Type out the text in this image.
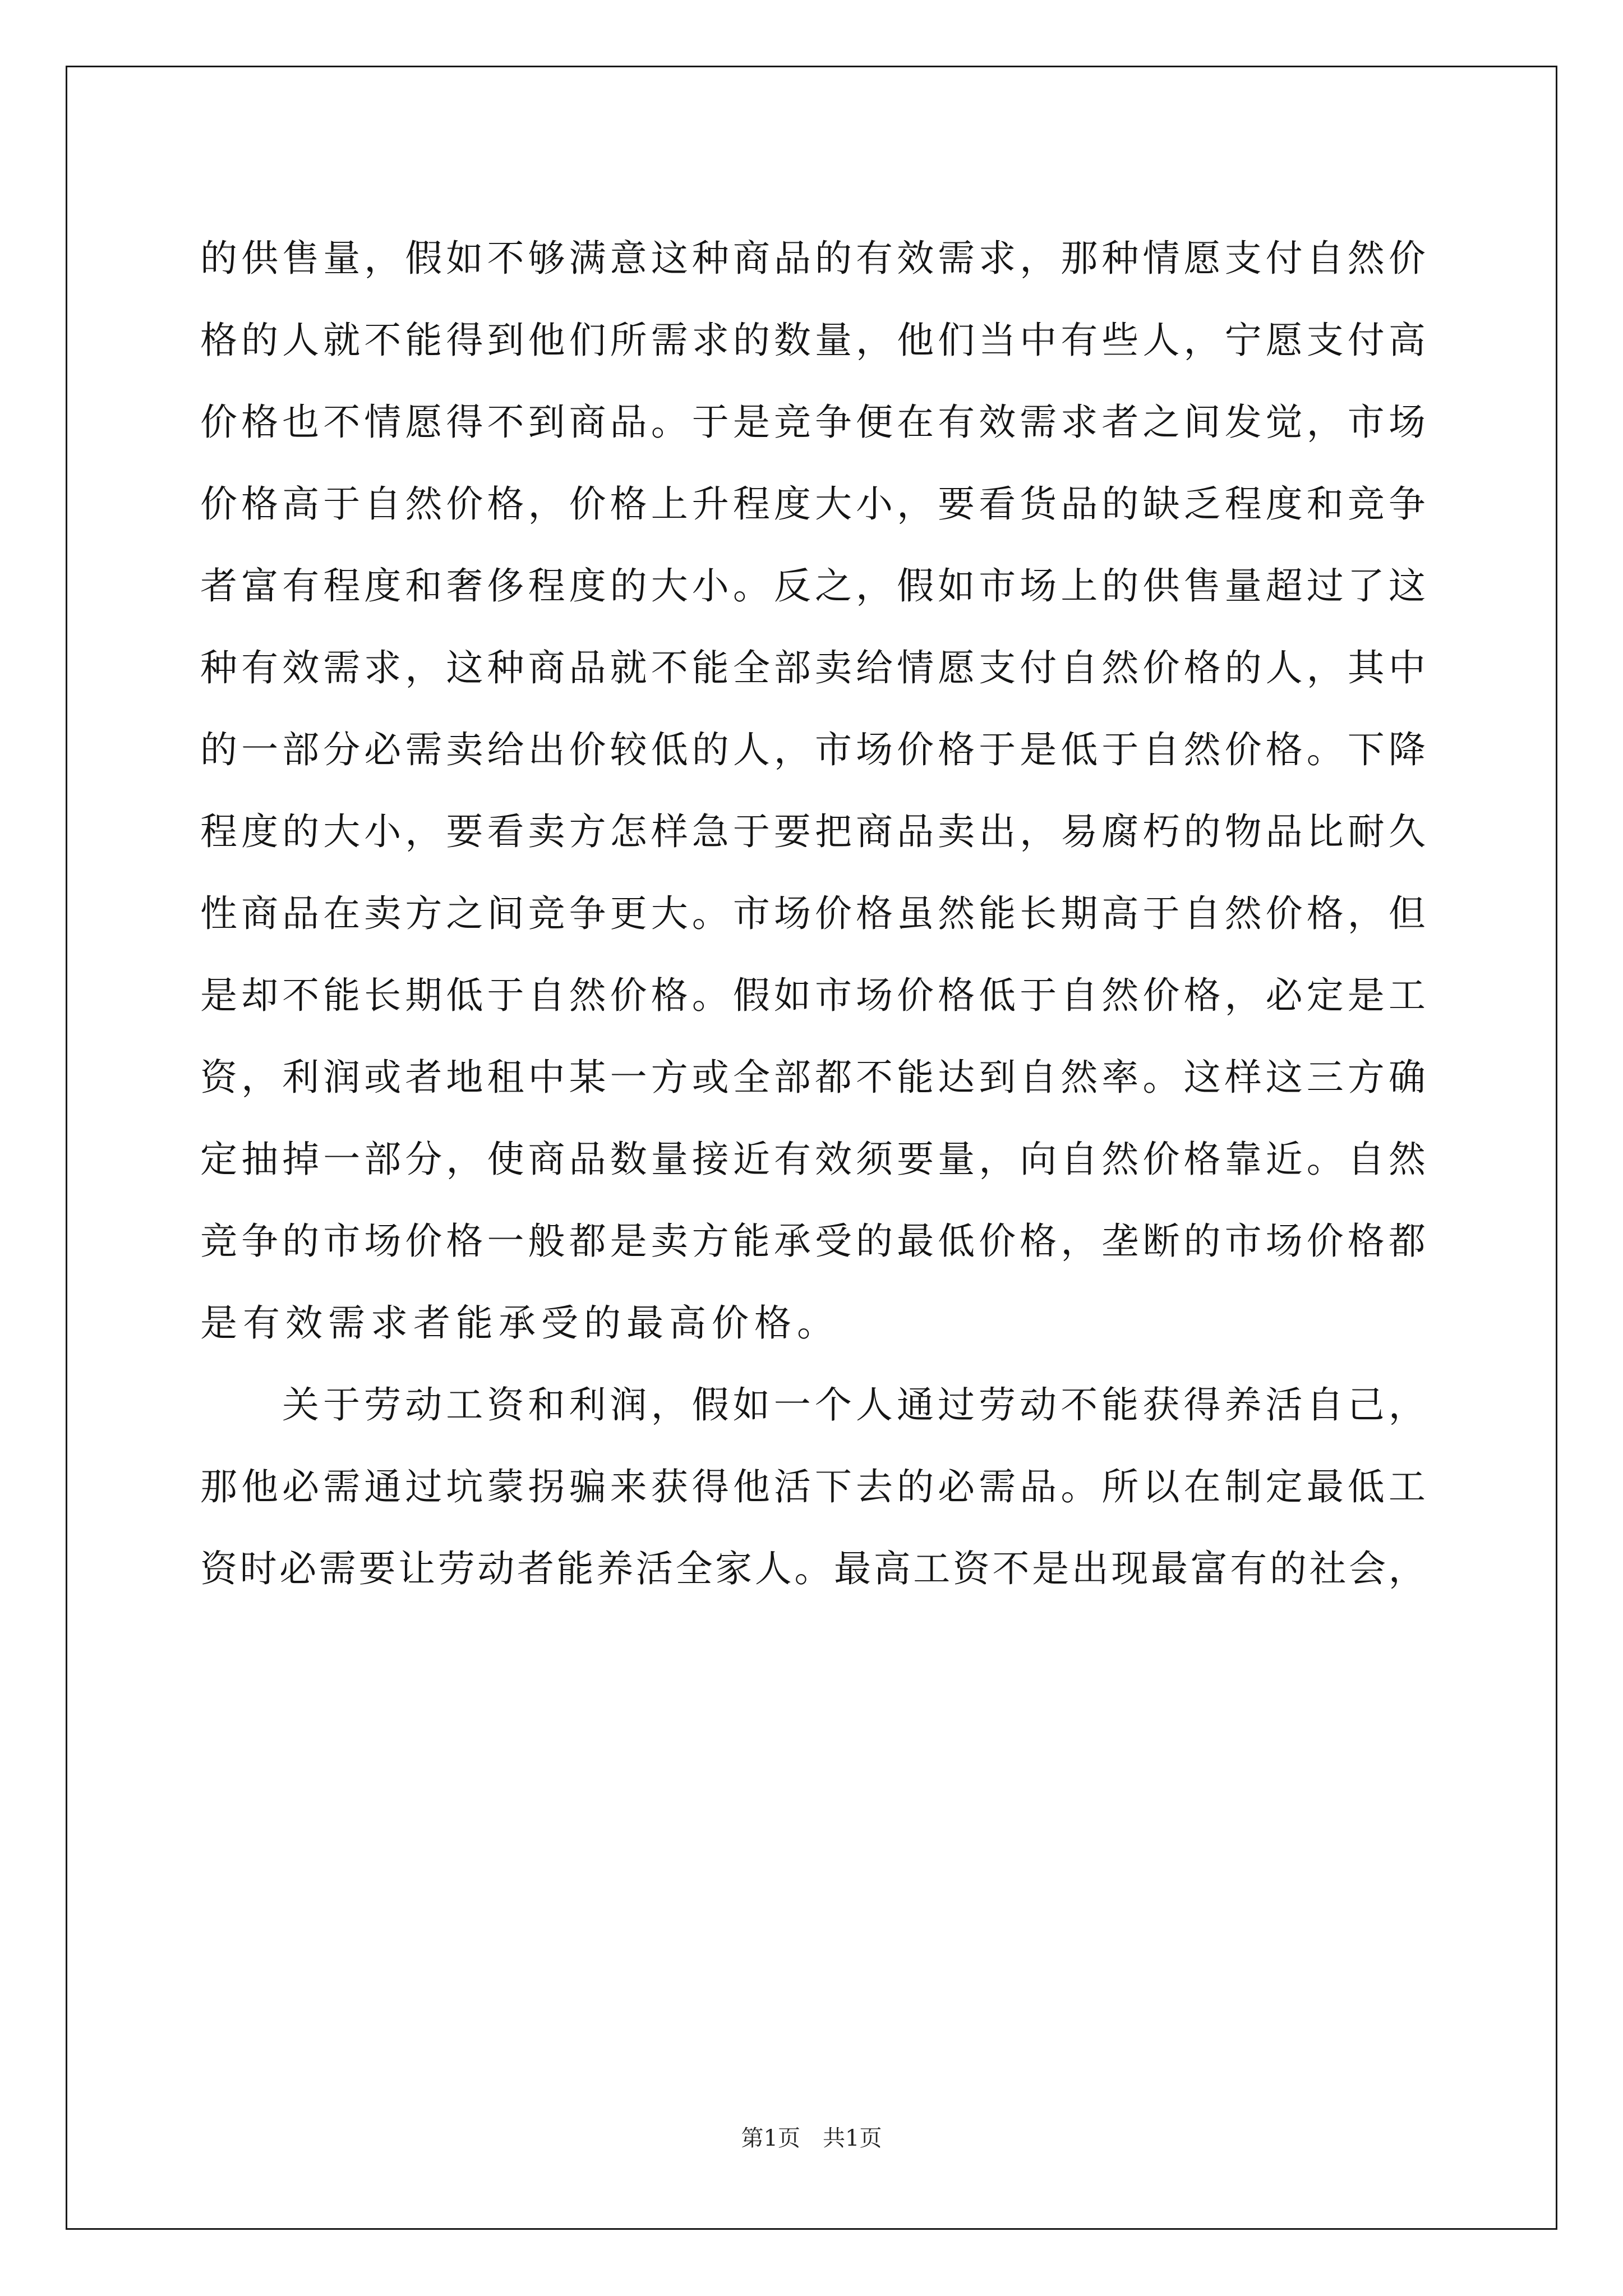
的 供 售 量 ， 假 如 不 够 满 意 这 种 商 品 的 有 效 需 求 ， 那 种 情 愿 支 付 自 然 价
格 的 人 就 不 能 得 到 他 们 所 需 求 的 数 量 ， 他 们 当 中 有 些 人 ， 宁 愿 支 付 高
价 格 也 不 情 愿 得 不 到 商 品 。 于 是 竞 争 便 在 有 效 需 求 者 之 间 发 觉 ， 市 场
价 格 高 于 自 然 价 格 ， 价 格 上 升 程 度 大 小 ， 要 看 货 品 的 缺 乏 程 度 和 竞 争
者 富 有 程 度 和 奢 侈 程 度 的 大 小 。 反 之 ， 假 如 市 场 上 的 供 售 量 超 过 了 这
种 有 效 需 求 ， 这 种 商 品 就 不 能 全 部 卖 给 情 愿 支 付 自 然 价 格 的 人 ， 其 中
的 一 部 分 必 需 卖 给 出 价 较 低 的 人 ， 市 场 价 格 于 是 低 于 自 然 价 格 。 下 降
程 度 的 大 小 ， 要 看 卖 方 怎 样 急 于 要 把 商 品 卖 出 ， 易 腐 朽 的 物 品 比 耐 久
性 商 品 在 卖 方 之 间 竞 争 更 大 。 市 场 价 格 虽 然 能 长 期 高 于 自 然 价 格 ， 但
是 却 不 能 长 期 低 于 自 然 价 格 。 假 如 市 场 价 格 低 于 自 然 价 格 ， 必 定 是 工
资 ， 利 润 或 者 地 租 中 某 一 方 或 全 部 都 不 能 达 到 自 然 率 。 这 样 这 三 方 确
定 抽 掉 一 部 分 ， 使 商 品 数 量 接 近 有 效 须 要 量 ， 向 自 然 价 格 靠 近 。 自 然
竞 争 的 市 场 价 格 一 般 都 是 卖 方 能 承 受 的 最 低 价 格 ， 垄 断 的 市 场 价 格 都
是有效需求者能承受的最高价格。
关 于 劳 动 工 资 和 利 润 ， 假 如 一 个 人 通 过 劳 动 不 能 获 得 养 活 自 己 ，
那 他 必 需 通 过 坑 蒙 拐 骗 来 获 得 他 活 下 去 的 必 需 品 。 所 以 在 制 定 最 低 工
资 时 必 需 要 让 劳 动 者 能 养 活 全 家 人 。 最 高 工 资 不 是 出 现 最 富 有 的 社 会 ，
第1页 共1页
